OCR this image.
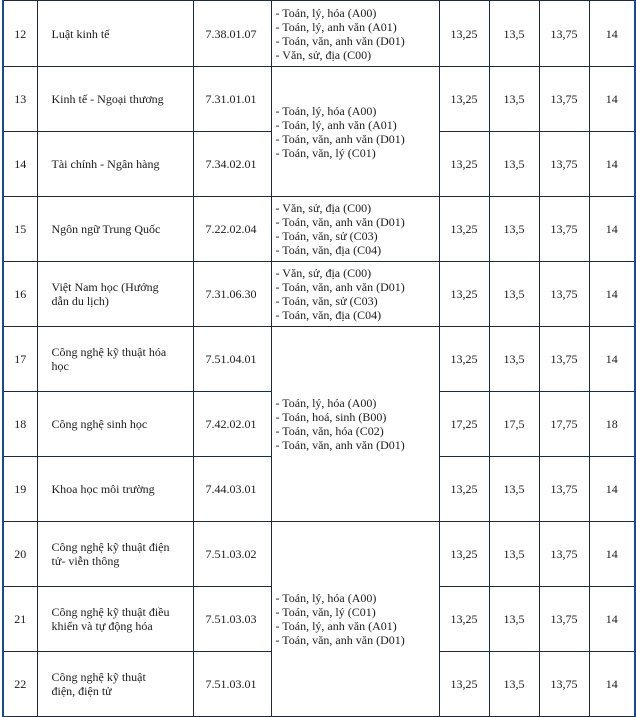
12	Luật kinh tế	7.38.01.07	- Toán, lý, hóa (A00)
- Toán, lý, anh văn (A01)
- Toán, văn, anh văn (D01)
- Văn, sử, địa (C00)	13,25	13,5	13,75	14
13	Kinh tế - Ngoại thương	7.31.01.01	- Toán, lý, hóa (A00)
- Toán, lý, anh văn (A01)
- Toán, văn, anh văn (D01)
- Toán, văn, lý (C01)	13,25	13,5	13,75	14
14	Tài chính - Ngân hàng	7.34.02.01		13,25	13,5	13,75	14
15	Ngôn ngữ Trung Quốc	7.22.02.04	- Văn, sử, địa (C00)
- Toán, văn, anh văn (D01)
- Toán, văn, sử (C03)
- Toán, văn, địa (C04)	13,25	13,5	13,75	14
16	Việt Nam học (Hướng
dẫn du lịch)	7.31.06.30	- Văn, sử, địa (C00)
- Toán, văn, anh văn (D01)
- Toán, văn, sử (C03)
- Toán, văn, địa (C04)	13,25	13,5	13,75	14
17	Công nghệ kỹ thuật hóa
học	7.51.04.01	- Toán, lý, hóa (A00)
- Toán, hoá, sinh (B00)
- Toán, văn, hóa (C02)
- Toán, văn, anh văn (D01)	13,25	13,5	13,75	14
18	Công nghệ sinh học	7.42.02.01		17,25	17,5	17,75	18
19	Khoa học môi trường	7.44.03.01		13,25	13,5	13,75	14
20	Công nghệ kỹ thuật điện
tử- viễn thông	7.51.03.02	- Toán, lý, hóa (A00)
- Toán, văn, lý (C01)
- Toán, lý, anh văn (A01)
- Toán, văn, anh văn (D01)	13,25	13,5	13,75	14
21	Công nghệ kỹ thuật điều
khiển và tự động hóa	7.51.03.03		13,25	13,5	13,75	14
22	Công nghệ kỹ thuật
điện, điện tử	7.51.03.01		13,25	13,5	13,75	14
